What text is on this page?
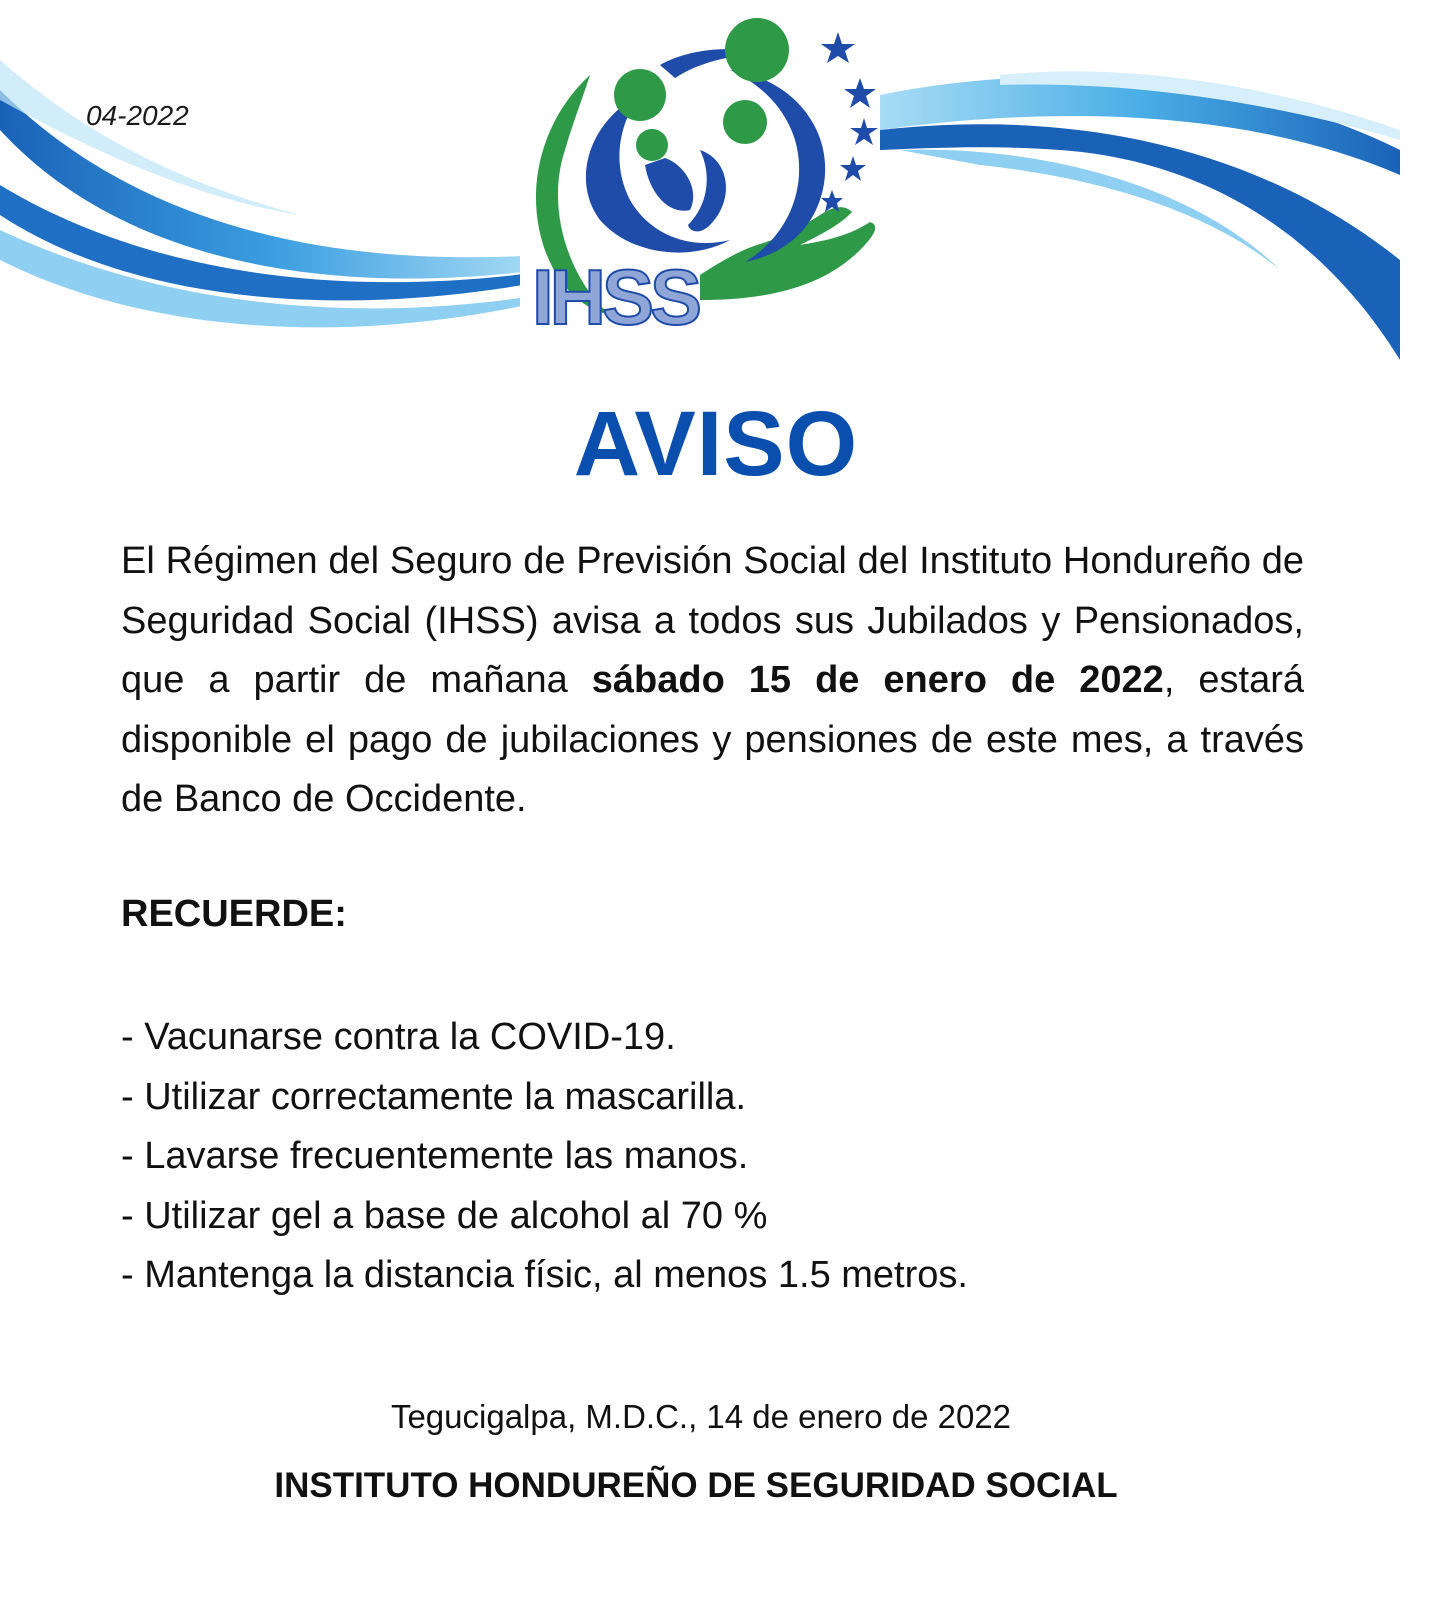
IHSS
04-2022
AVISO

El Régimen del Seguro de Previsión Social del Instituto Hondureño de Seguridad Social (IHSS) avisa a todos sus Jubilados y Pensionados, que a partir de mañana sábado 15 de enero de 2022, estará disponible el pago de jubilaciones y pensiones de este mes, a través de Banco de Occidente.

RECUERDE:
- Vacunarse contra la COVID-19.
- Utilizar correctamente la mascarilla.
- Lavarse frecuentemente las manos.
- Utilizar gel a base de alcohol al 70 %
- Mantenga la distancia físic, al menos 1.5 metros.
Tegucigalpa, M.D.C., 14 de enero de 2022
INSTITUTO HONDUREÑO DE SEGURIDAD SOCIAL
